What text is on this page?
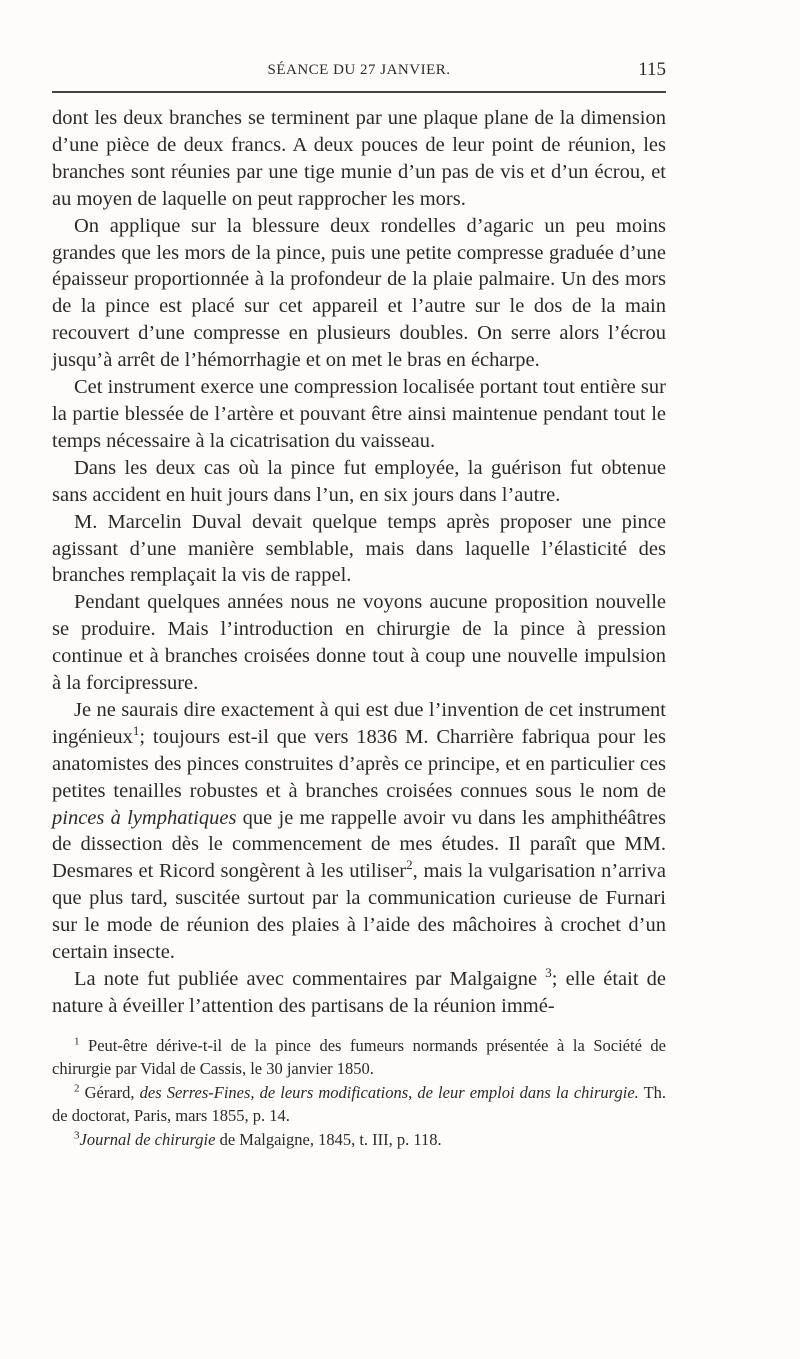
SÉANCE DU 27 JANVIER.	115

dont les deux branches se terminent par une plaque plane de la dimension d’une pièce de deux francs. A deux pouces de leur point de réunion, les branches sont réunies par une tige munie d’un pas de vis et d’un écrou, et au moyen de laquelle on peut rapprocher les mors.

On applique sur la blessure deux rondelles d’agaric un peu moins grandes que les mors de la pince, puis une petite compresse graduée d’une épaisseur proportionnée à la profondeur de la plaie palmaire. Un des mors de la pince est placé sur cet appareil et l’autre sur le dos de la main recouvert d’une compresse en plusieurs doubles. On serre alors l’écrou jusqu’à arrêt de l’hémorrhagie et on met le bras en écharpe.

Cet instrument exerce une compression localisée portant tout entière sur la partie blessée de l’artère et pouvant être ainsi maintenue pendant tout le temps nécessaire à la cicatrisation du vaisseau.

Dans les deux cas où la pince fut employée, la guérison fut obtenue sans accident en huit jours dans l’un, en six jours dans l’autre.

M. Marcelin Duval devait quelque temps après proposer une pince agissant d’une manière semblable, mais dans laquelle l’élasticité des branches remplaçait la vis de rappel.

Pendant quelques années nous ne voyons aucune proposition nouvelle se produire. Mais l’introduction en chirurgie de la pince à pression continue et à branches croisées donne tout à coup une nouvelle impulsion à la forcipressure.

Je ne saurais dire exactement à qui est due l’invention de cet instrument ingénieux$^1$; toujours est-il que vers 1836 M. Charrière fabriqua pour les anatomistes des pinces construites d’après ce principe, et en particulier ces petites tenailles robustes et à branches croisées connues sous le nom de pinces à lymphatiques que je me rappelle avoir vu dans les amphithéâtres de dissection dès le commencement de mes études. Il paraît que MM. Desmares et Ricord songèrent à les utiliser$^2$, mais la vulgarisation n’arriva que plus tard, suscitée surtout par la communication curieuse de Furnari sur le mode de réunion des plaies à l’aide des mâchoires à crochet d’un certain insecte.

La note fut publiée avec commentaires par Malgaigne $^3$; elle était de nature à éveiller l’attention des partisans de la réunion immé-

$^1$ Peut-être dérive-t-il de la pince des fumeurs normands présentée à la Société de chirurgie par Vidal de Cassis, le 30 janvier 1850.

$^2$ Gérard, des Serres-Fines, de leurs modifications, de leur emploi dans la chirurgie. Th. de doctorat, Paris, mars 1855, p. 14.

$^3$Journal de chirurgie de Malgaigne, 1845, t. III, p. 118.
